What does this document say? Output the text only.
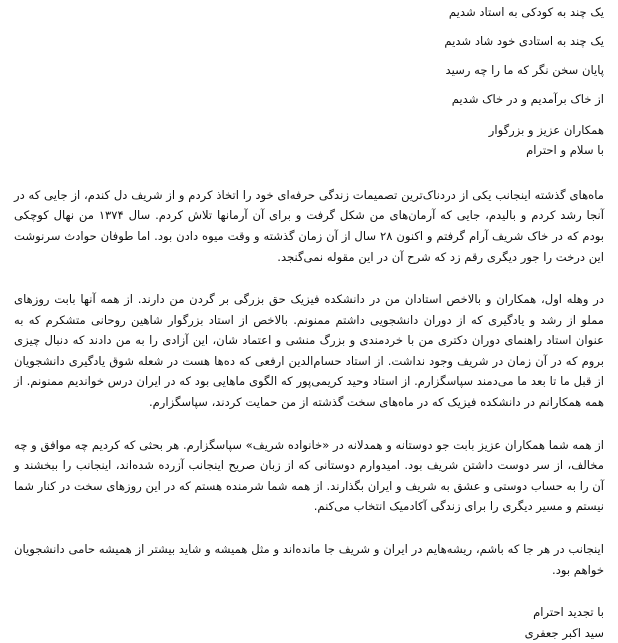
یک چند به کودکی به استاد شدیم

یک چند به استادی خود شاد شدیم

پایان سخن نگر که ما را چه رسید

از خاک برآمدیم و در خاک شدیم

همکاران عزیز و بزرگوار
با سلام و احترام

ماه‌های گذشته اینجانب یکی از دردناک‌ترین تصمیمات زندگی حرفه‌ای خود را اتخاذ کردم و از شریف دل کندم، از جایی که در آنجا رشد کردم و بالیدم، جایی که آرمان‌های من شکل گرفت و برای آن آرمانها تلاش کردم. سال ۱۳۷۴ من نهال کوچکی بودم که در خاک شریف آرام گرفتم و اکنون ۲۸ سال از آن زمان گذشته و وقت میوه دادن بود. اما طوفان حوادث سرنوشت این درخت را جور دیگری رقم زد که شرح آن در این مقوله نمی‌گنجد.

در وهله اول، همکاران و بالاخص استادان من در دانشکده فیزیک حق بزرگی بر گردن من دارند. از همه آنها بابت روزهای مملو از رشد و یادگیری که از دوران دانشجویی داشتم ممنونم. بالاخص از استاد بزرگوار شاهین روحانی متشکرم که به عنوان استاد راهنمای دوران دکتری من با خردمندی و بزرگ منشی و اعتماد شان، این آزادی را به من دادند که دنبال چیزی بروم که در آن زمان در شریف وجود نداشت. از استاد حسام‌الدین ارفعی که ده‌ها هست در شعله شوق یادگیری دانشجویان از قبل ما تا بعد ما می‌دمند سپاسگزارم. از استاد وحید کریمی‌پور که الگوی ماهایی بود که در ایران درس خواندیم ممنونم. از همه همکارانم در دانشکده فیزیک که در ماه‌های سخت گذشته از من حمایت کردند، سپاسگزارم.

از همه شما همکاران عزیز بابت جو دوستانه و همدلانه در «خانواده شریف» سپاسگزارم. هر بحثی که کردیم چه موافق و چه مخالف، از سر دوست داشتن شریف بود. امیدوارم دوستانی که از زبان صریح اینجانب آزرده شده‌اند، اینجانب را ببخشند و آن را به حساب دوستی و عشق به شریف و ایران بگذارند. از همه شما شرمنده هستم که در این روزهای سخت در کنار شما نیستم و مسیر دیگری را برای زندگی آکادمیک انتخاب می‌کنم.

اینجانب در هر جا که باشم، ریشه‌هایم در ایران و شریف جا مانده‌اند و مثل همیشه و شاید بیشتر از همیشه حامی دانشجویان خواهم بود.

با تجدید احترام
سید اکبر جعفری
